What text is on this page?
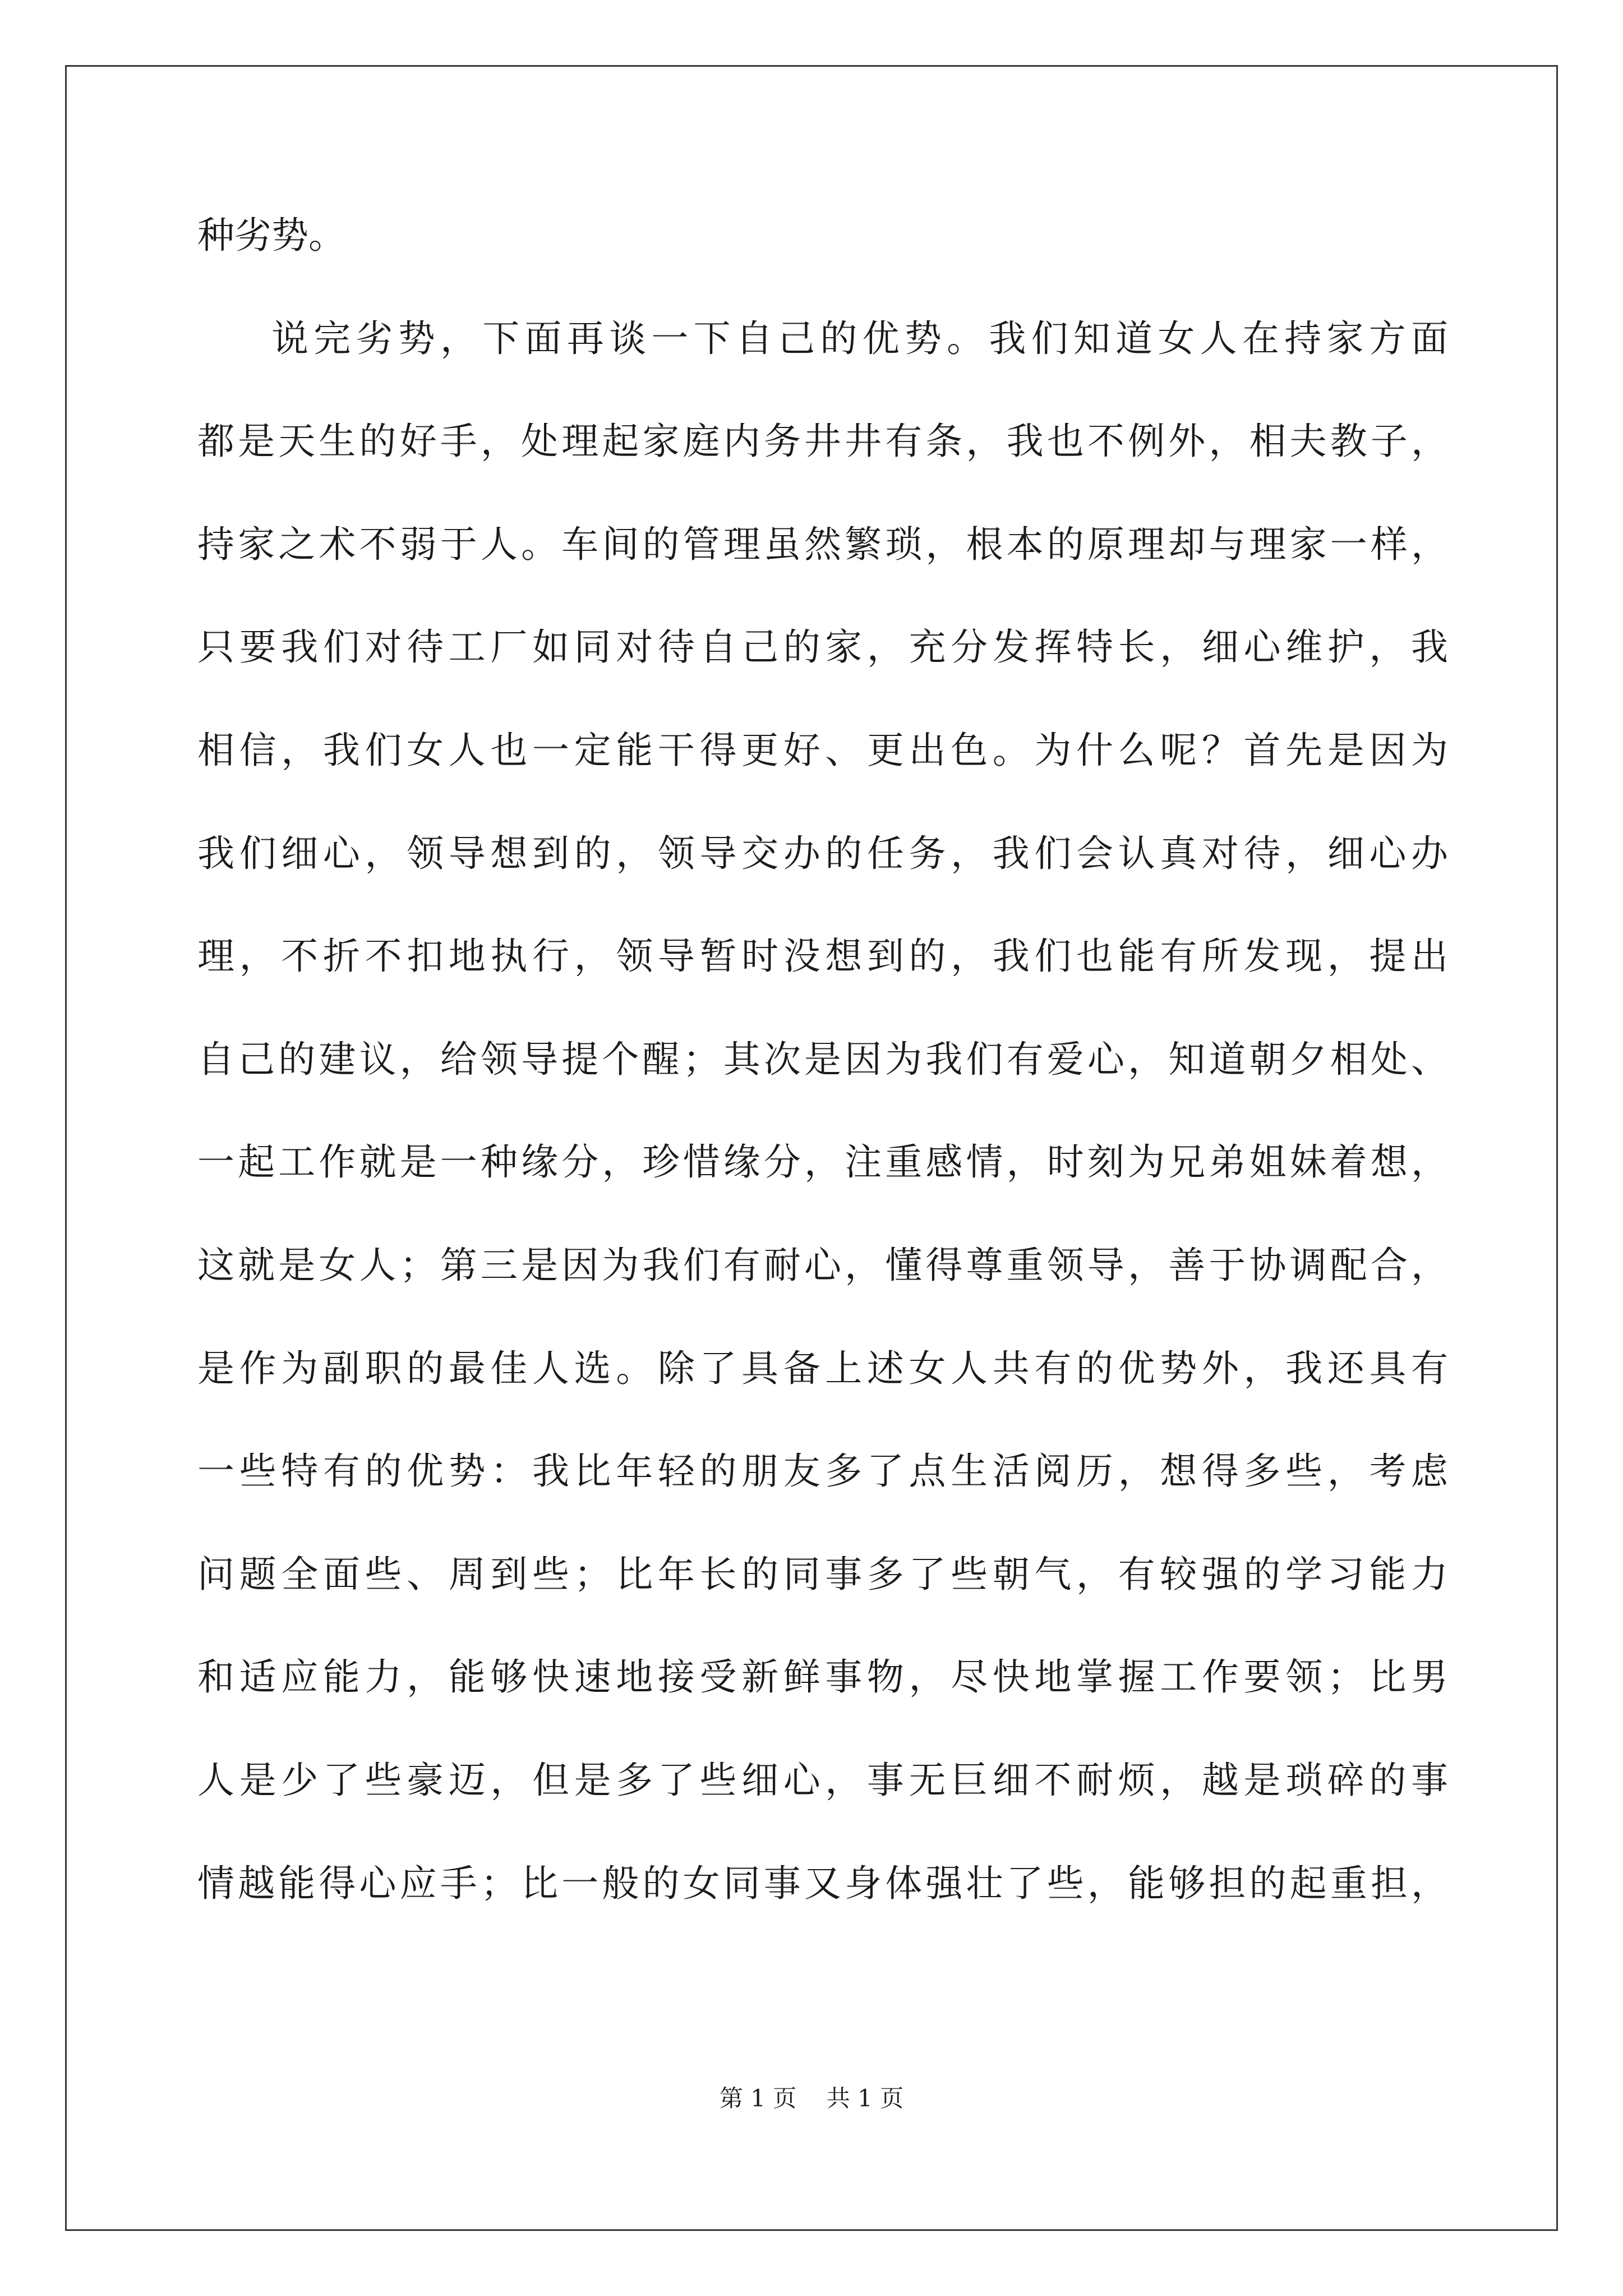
种劣势。
说完劣势，下面再谈一下自己的优势。我们知道女人在持家方面
都是天生的好手，处理起家庭内务井井有条，我也不例外，相夫教子，
持家之术不弱于人。车间的管理虽然繁琐，根本的原理却与理家一样，
只要我们对待工厂如同对待自己的家，充分发挥特长，细心维护，我
相信，我们女人也一定能干得更好、更出色。为什么呢？首先是因为
我们细心，领导想到的，领导交办的任务，我们会认真对待，细心办
理，不折不扣地执行，领导暂时没想到的，我们也能有所发现，提出
自己的建议，给领导提个醒；其次是因为我们有爱心，知道朝夕相处、
一起工作就是一种缘分，珍惜缘分，注重感情，时刻为兄弟姐妹着想，
这就是女人；第三是因为我们有耐心，懂得尊重领导，善于协调配合，
是作为副职的最佳人选。除了具备上述女人共有的优势外，我还具有
一些特有的优势：我比年轻的朋友多了点生活阅历，想得多些，考虑
问题全面些、周到些；比年长的同事多了些朝气，有较强的学习能力
和适应能力，能够快速地接受新鲜事物，尽快地掌握工作要领；比男
人是少了些豪迈，但是多了些细心，事无巨细不耐烦，越是琐碎的事
情越能得心应手；比一般的女同事又身体强壮了些，能够担的起重担，
第 1 页    共 1 页
